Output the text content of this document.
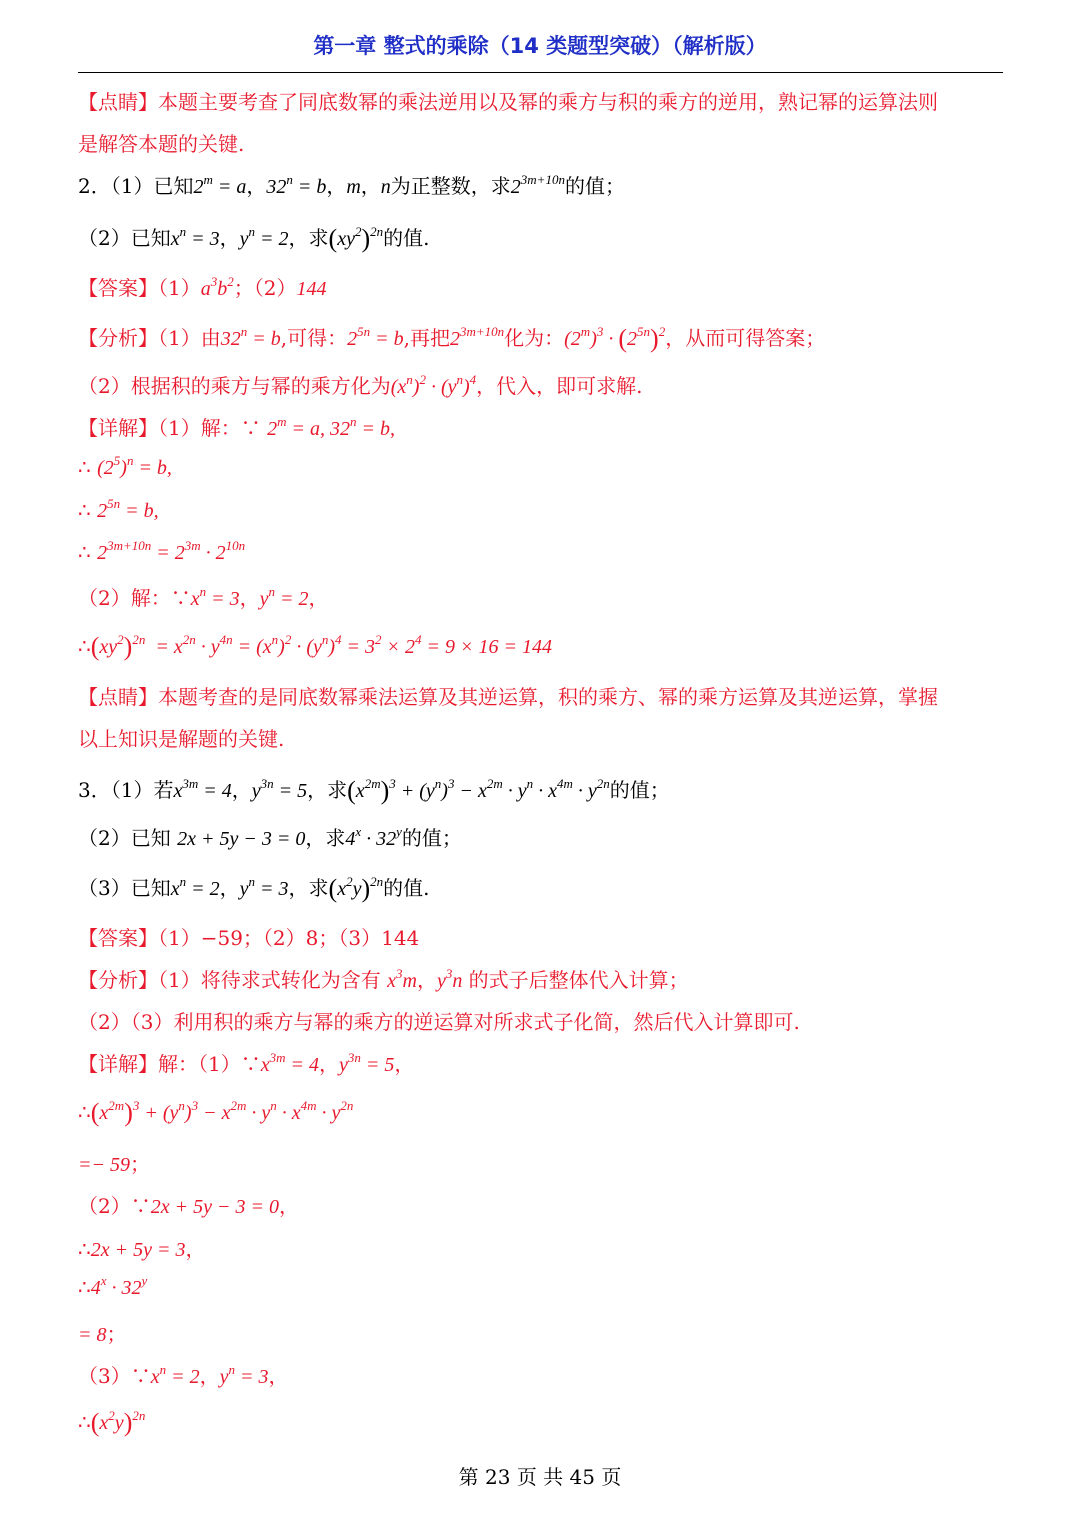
第一章 整式的乘除（14 类题型突破）（解析版）
【点睛】本题主要考查了同底数幂的乘法逆用以及幂的乘方与积的乘方的逆用，熟记幂的运算法则
是解答本题的关键.
2．（1）已知$2^m = a$，$32^n = b$，m，n为正整数，求$2^{3m+10n}$的值；
（2）已知$x^n = 3$，$y^n = 2$，求$(xy^2)^{2n}$的值.
【答案】$(1)a^3b^2$；（2）144
【分析】（1）由$32^n = b$,可得：$2^{5n} = b$,再把$2^{3m+10n}$化为：$(2^m)^3 \cdot (2^{5n})^2$，从而可得答案；
（2）根据积的乘方与幂的乘方化为$(x^n)^2 \cdot (y^n)^4$，代入，即可求解.
【详解】（1）解：∵ $2^m = a$, $32^n = b$,
∴ $(2^5)^n = b$,
∴ $2^{5n} = b$,
∴ $2^{3m+10n} = 2^{3m} \cdot 2^{10n}$
（2）解：$\because x^n = 3$，$y^n = 2$，
$\therefore(xy^2)^{2n} = x^{2n} \cdot y^{4n} = (x^n)^2 \cdot (y^n)^4 = 3^2 \times 2^4 = 9 \times 16 = 144$
【点睛】本题考查的是同底数幂乘法运算及其逆运算，积的乘方、幂的乘方运算及其逆运算，掌握
以上知识是解题的关键.
3．（1）若$x^{3m} = 4$，$y^{3n} = 5$，求$(x^{2m})^3 + (y^n)^3 - x^{2m} \cdot y^n \cdot x^{4m} \cdot y^{2n}$的值；
（2）已知 2x + 5y − 3 = 0，求$4^x \cdot 32^y$的值；
（3）已知$x^n = 2$，$y^n = 3$，求$(x^2y)^{2n}$的值.
【答案】（1）−59；（2）8；（3）144
【分析】（1）将待求式转化为含有 $x^3m$，$y^3n$ 的式子后整体代入计算；
（2）（3）利用积的乘方与幂的乘方的逆运算对所求式子化简，然后代入计算即可.
【详解】解：$(1)\because x^{3m} = 4$，$y^{3n} = 5$，
$\therefore(x^{2m})^3 + (y^n)^3 - x^{2m} \cdot y^n \cdot x^{4m} \cdot y^{2n}$
=− 59；
（2）∵2x + 5y − 3 = 0，
∴2x + 5y = 3，
$\therefore 4^x \cdot 32^y$
= 8；
$(3)\because x^n = 2$，$y^n = 3$，
$\therefore(x^2y)^{2n}$
第 23 页 共 45 页
